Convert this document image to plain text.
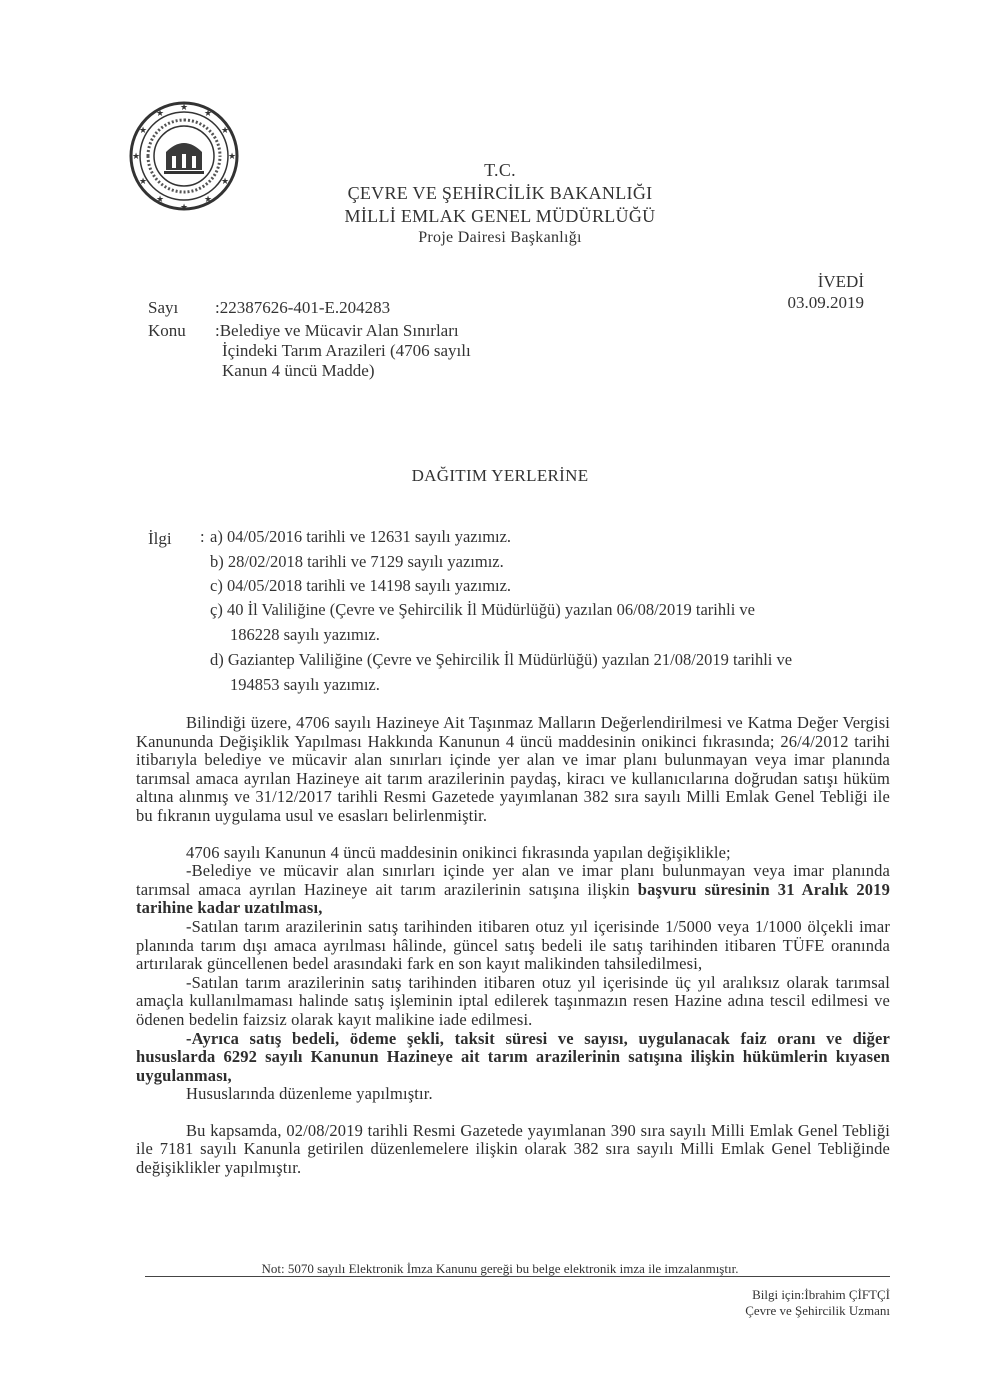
★
★
★
★
★
★
★
★
★
★
★
★
T.C.
ÇEVRE VE ŞEHİRCİLİK BAKANLIĞI
MİLLİ EMLAK GENEL MÜDÜRLÜĞÜ
Proje Dairesi Başkanlığı
İVEDİ
03.09.2019
Sayı :22387626-401-E.204283
Konu :Belediye ve Mücavir Alan Sınırları
İçindeki Tarım Arazileri (4706 sayılı
Kanun 4 üncü Madde)
DAĞITIM YERLERİNE
İlgi : a) 04/05/2016 tarihli ve 12631 sayılı yazımız.
b) 28/02/2018 tarihli ve 7129 sayılı yazımız.
c) 04/05/2018 tarihli ve 14198 sayılı yazımız.
ç) 40 İl Valiliğine (Çevre ve Şehircilik İl Müdürlüğü) yazılan 06/08/2019 tarihli ve
186228 sayılı yazımız.
d) Gaziantep Valiliğine (Çevre ve Şehircilik İl Müdürlüğü) yazılan 21/08/2019 tarihli ve
194853 sayılı yazımız.

Bilindiği üzere, 4706 sayılı Hazineye Ait Taşınmaz Malların Değerlendirilmesi ve Katma Değer Vergisi Kanununda Değişiklik Yapılması Hakkında Kanunun 4 üncü maddesinin onikinci fıkrasında; 26/4/2012 tarihi itibarıyla belediye ve mücavir alan sınırları içinde yer alan ve imar planı bulunmayan veya imar planında tarımsal amaca ayrılan Hazineye ait tarım arazilerinin paydaş, kiracı ve kullanıcılarına doğrudan satışı hüküm altına alınmış ve 31/12/2017 tarihli Resmi Gazetede yayımlanan 382 sıra sayılı Milli Emlak Genel Tebliği ile bu fıkranın uygulama usul ve esasları belirlenmiştir.

4706 sayılı Kanunun 4 üncü maddesinin onikinci fıkrasında yapılan değişiklikle;

-Belediye ve mücavir alan sınırları içinde yer alan ve imar planı bulunmayan veya imar planında tarımsal amaca ayrılan Hazineye ait tarım arazilerinin satışına ilişkin başvuru süresinin 31 Aralık 2019 tarihine kadar uzatılması,

-Satılan tarım arazilerinin satış tarihinden itibaren otuz yıl içerisinde 1/5000 veya 1/1000 ölçekli imar planında tarım dışı amaca ayrılması hâlinde, güncel satış bedeli ile satış tarihinden itibaren TÜFE oranında artırılarak güncellenen bedel arasındaki fark en son kayıt malikinden tahsiledilmesi,

-Satılan tarım arazilerinin satış tarihinden itibaren otuz yıl içerisinde üç yıl aralıksız olarak tarımsal amaçla kullanılmaması halinde satış işleminin iptal edilerek taşınmazın resen Hazine adına tescil edilmesi ve ödenen bedelin faizsiz olarak kayıt malikine iade edilmesi.

-Ayrıca satış bedeli, ödeme şekli, taksit süresi ve sayısı, uygulanacak faiz oranı ve diğer hususlarda 6292 sayılı Kanunun Hazineye ait tarım arazilerinin satışına ilişkin hükümlerin kıyasen uygulanması,

Hususlarında düzenleme yapılmıştır.

Bu kapsamda, 02/08/2019 tarihli Resmi Gazetede yayımlanan 390 sıra sayılı Milli Emlak Genel Tebliği ile 7181 sayılı Kanunla getirilen düzenlemelere ilişkin olarak 382 sıra sayılı Milli Emlak Genel Tebliğinde değişiklikler yapılmıştır.

Not: 5070 sayılı Elektronik İmza Kanunu gereği bu belge elektronik imza ile imzalanmıştır.
Bilgi için:İbrahim ÇİFTÇİ
Çevre ve Şehircilik Uzmanı
